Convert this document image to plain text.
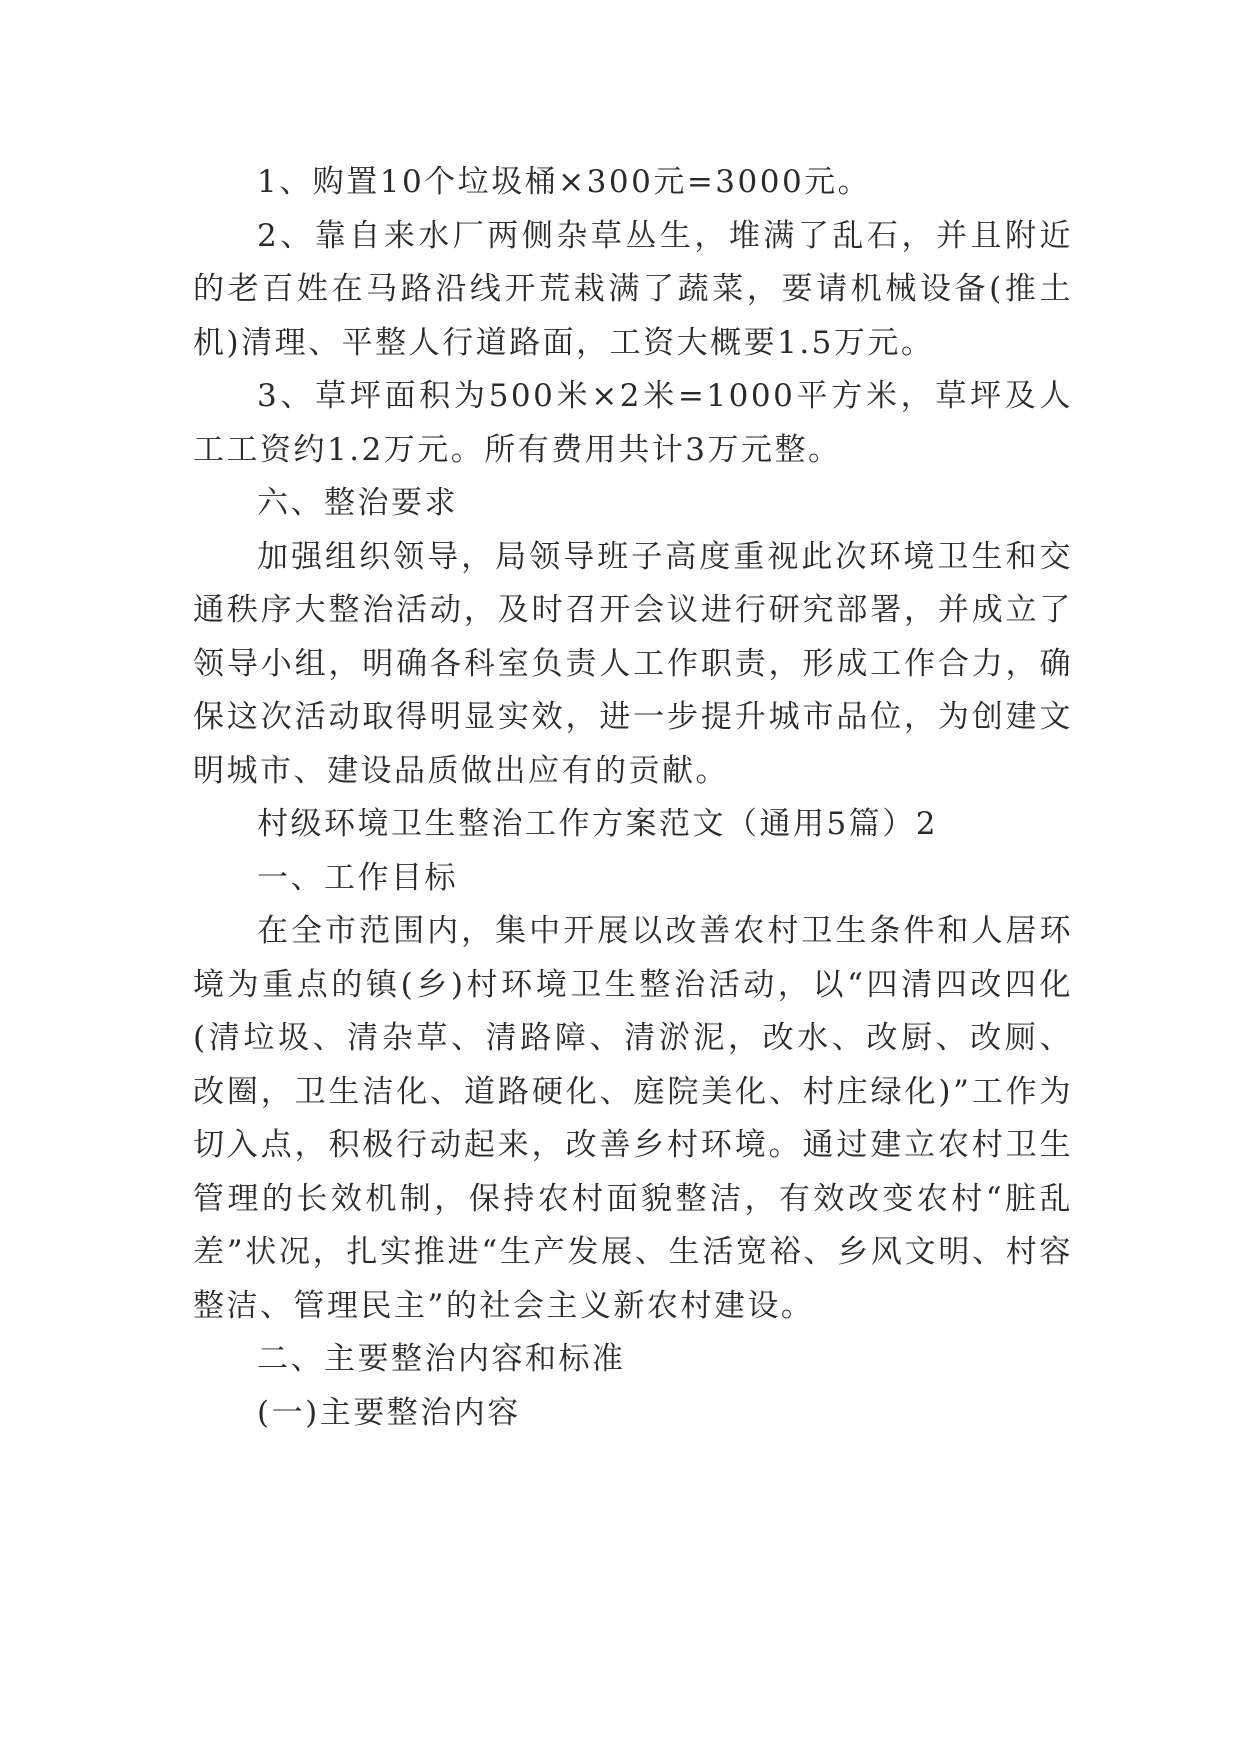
1、购置10个垃圾桶×300元=3000元。

2、靠自来水厂两侧杂草丛生，堆满了乱石，并且附近的老百姓在马路沿线开荒栽满了蔬菜，要请机械设备(推土机)清理、平整人行道路面，工资大概要1.5万元。

3、草坪面积为500米×2米=1000平方米，草坪及人工工资约1.2万元。所有费用共计3万元整。

六、整治要求

加强组织领导，局领导班子高度重视此次环境卫生和交通秩序大整治活动，及时召开会议进行研究部署，并成立了领导小组，明确各科室负责人工作职责，形成工作合力，确保这次活动取得明显实效，进一步提升城市品位，为创建文明城市、建设品质做出应有的贡献。

村级环境卫生整治工作方案范文（通用5篇）2

一、工作目标

在全市范围内，集中开展以改善农村卫生条件和人居环境为重点的镇(乡)村环境卫生整治活动，以“四清四改四化(清垃圾、清杂草、清路障、清淤泥，改水、改厨、改厕、改圈，卫生洁化、道路硬化、庭院美化、村庄绿化)”工作为切入点，积极行动起来，改善乡村环境。通过建立农村卫生管理的长效机制，保持农村面貌整洁，有效改变农村“脏乱差”状况，扎实推进“生产发展、生活宽裕、乡风文明、村容整洁、管理民主”的社会主义新农村建设。

二、主要整治内容和标准

(一)主要整治内容
